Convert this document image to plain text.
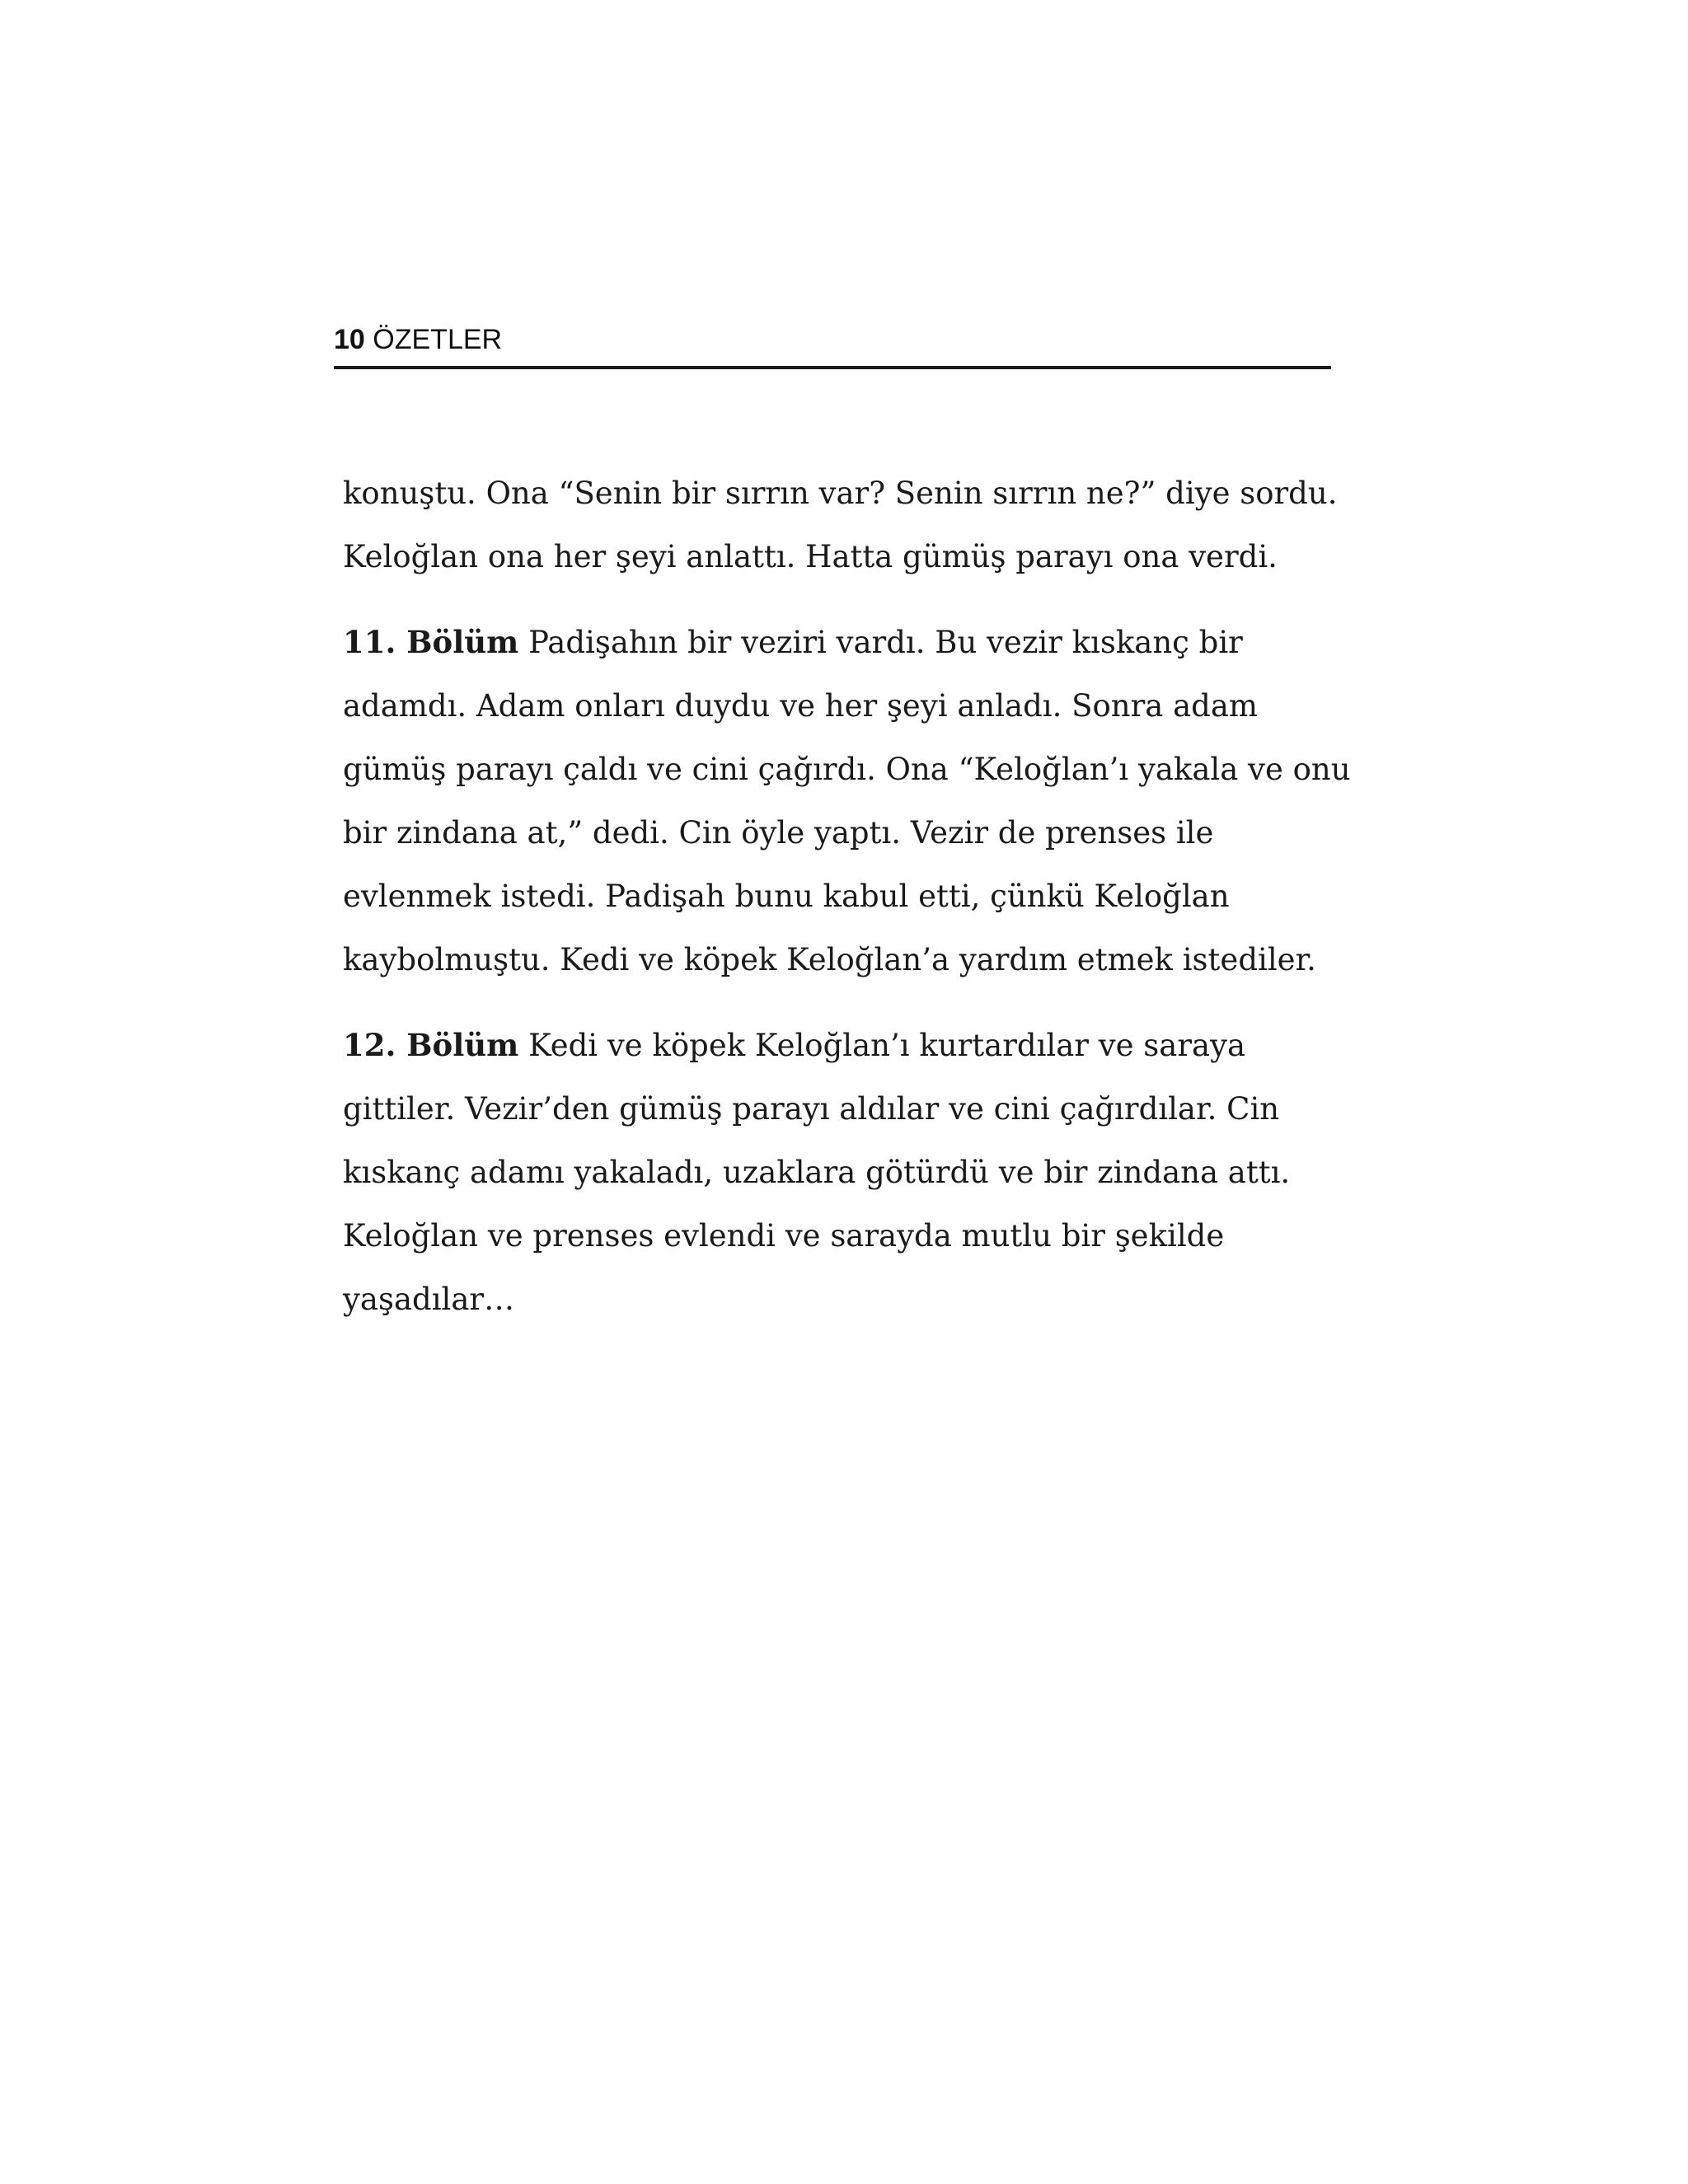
10 ÖZETLER
konuştu. Ona “Senin bir sırrın var? Senin sırrın ne?” diye sordu.
Keloğlan ona her şeyi anlattı. Hatta gümüş parayı ona verdi.
11. Bölüm Padişahın bir veziri vardı. Bu vezir kıskanç bir
adamdı. Adam onları duydu ve her şeyi anladı. Sonra adam
gümüş parayı çaldı ve cini çağırdı. Ona “Keloğlan’ı yakala ve onu
bir zindana at,” dedi. Cin öyle yaptı. Vezir de prenses ile
evlenmek istedi. Padişah bunu kabul etti, çünkü Keloğlan
kaybolmuştu. Kedi ve köpek Keloğlan’a yardım etmek istediler.
12. Bölüm Kedi ve köpek Keloğlan’ı kurtardılar ve saraya
gittiler. Vezir’den gümüş parayı aldılar ve cini çağırdılar. Cin
kıskanç adamı yakaladı, uzaklara götürdü ve bir zindana attı.
Keloğlan ve prenses evlendi ve sarayda mutlu bir şekilde
yaşadılar…
